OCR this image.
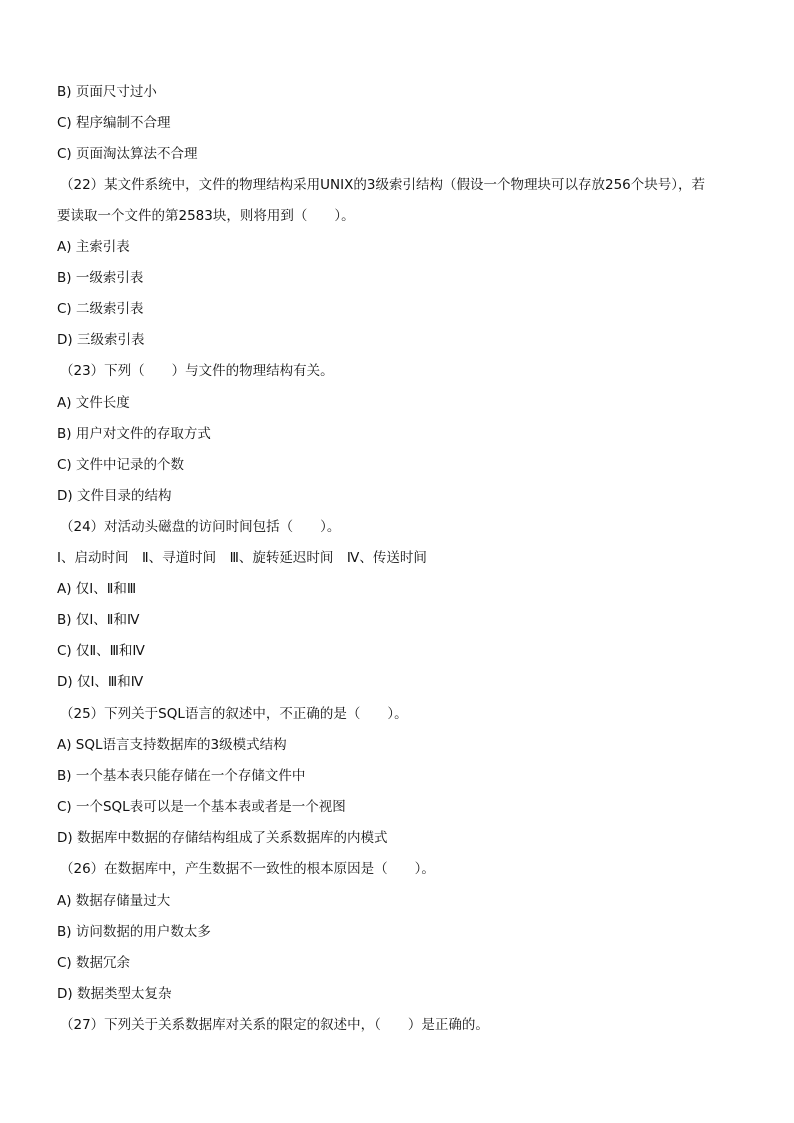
B) 页面尺寸过小
C) 程序编制不合理
C) 页面淘汰算法不合理
（22）某文件系统中，文件的物理结构采用UNIX的3级索引结构（假设一个物理块可以存放256个块号），若
要读取一个文件的第2583块，则将用到（　　）。
A) 主索引表
B) 一级索引表
C) 二级索引表
D) 三级索引表
（23）下列（　　）与文件的物理结构有关。
A) 文件长度
B) 用户对文件的存取方式
C) 文件中记录的个数
D) 文件目录的结构
（24）对活动头磁盘的访问时间包括（　　）。
Ⅰ、启动时间　Ⅱ、寻道时间　Ⅲ、旋转延迟时间　Ⅳ、传送时间
A) 仅Ⅰ、Ⅱ和Ⅲ
B) 仅Ⅰ、Ⅱ和Ⅳ
C) 仅Ⅱ、Ⅲ和Ⅳ
D) 仅Ⅰ、Ⅲ和Ⅳ
（25）下列关于SQL语言的叙述中，不正确的是（　　）。
A) SQL语言支持数据库的3级模式结构
B) 一个基本表只能存储在一个存储文件中
C) 一个SQL表可以是一个基本表或者是一个视图
D) 数据库中数据的存储结构组成了关系数据库的内模式
（26）在数据库中，产生数据不一致性的根本原因是（　　）。
A) 数据存储量过大
B) 访问数据的用户数太多
C) 数据冗余
D) 数据类型太复杂
（27）下列关于关系数据库对关系的限定的叙述中，（　　）是正确的。
